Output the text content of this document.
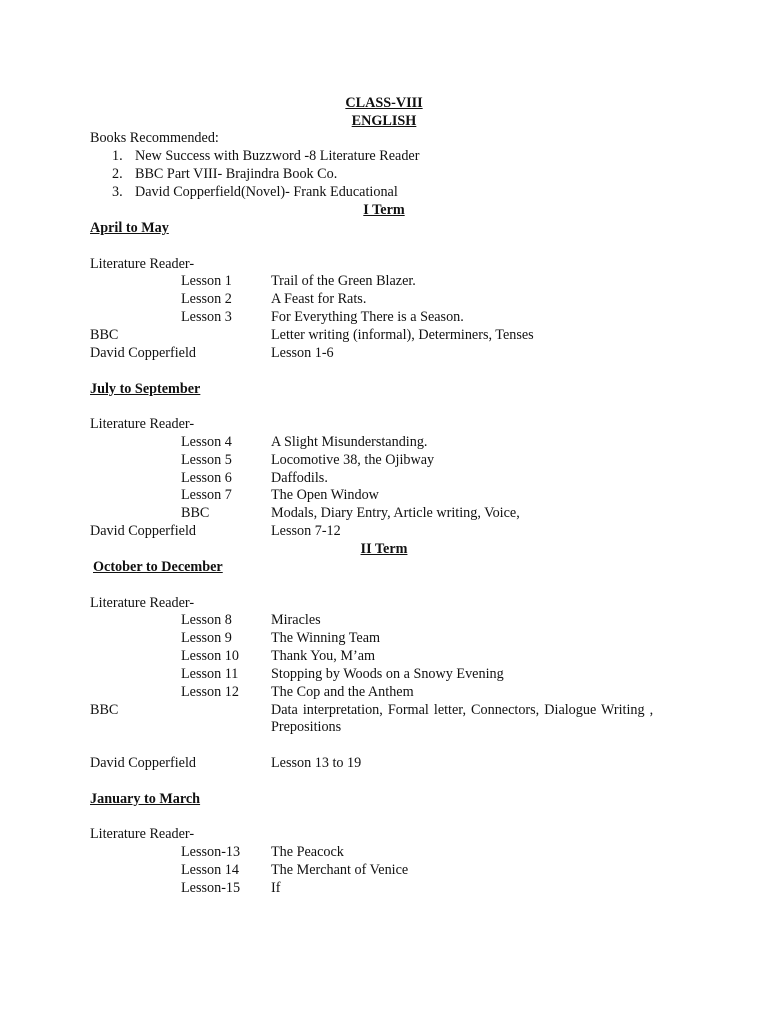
CLASS-VIII
ENGLISH
Books Recommended:
1. New Success with Buzzword -8 Literature Reader
2. BBC Part VIII- Brajindra Book Co.
3. David Copperfield(Novel)- Frank Educational
I Term
April to May
Literature Reader-
Lesson 1	Trail of the Green Blazer.
Lesson 2	A Feast for Rats.
Lesson 3	For Everything There is a Season.
BBC	Letter writing (informal), Determiners, Tenses
David Copperfield	Lesson 1-6
July to September
Literature Reader-
Lesson 4	A Slight Misunderstanding.
Lesson 5	Locomotive 38, the Ojibway
Lesson 6	Daffodils.
Lesson 7	The Open Window
BBC	Modals, Diary Entry, Article writing, Voice,
David Copperfield	Lesson 7-12
II Term
October to December
Literature Reader-
Lesson 8	Miracles
Lesson 9	The Winning Team
Lesson 10 Thank You, M’am
Lesson 11 Stopping by Woods on a Snowy Evening
Lesson 12 The Cop and the Anthem
BBC	Data interpretation, Formal letter, Connectors, Dialogue Writing ,
Prepositions
David Copperfield	Lesson 13 to 19
January to March
Literature Reader-
Lesson-13 The Peacock
Lesson 14 The Merchant of Venice
Lesson-15 If
